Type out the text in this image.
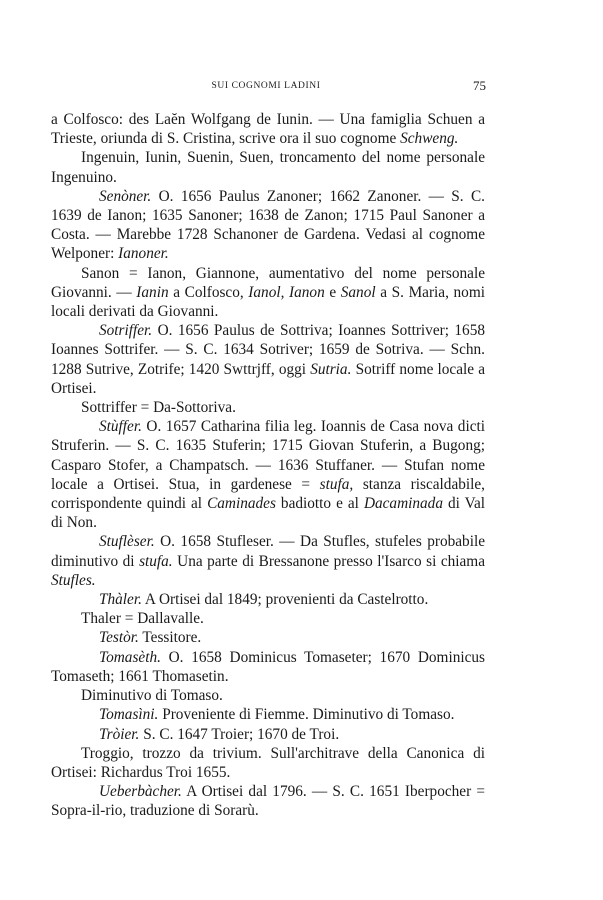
SUI COGNOMI LADINI	75

a Colfosco: des Laĕn Wolfgang de Iunin. — Una famiglia Schuen a Trieste, oriunda di S. Cristina, scrive ora il suo cognome Schweng.

Ingenuin, Iunin, Suenin, Suen, troncamento del nome personale Ingenuino.

Senòner. O. 1656 Paulus Zanoner; 1662 Zanoner. — S. C. 1639 de Ianon; 1635 Sanoner; 1638 de Zanon; 1715 Paul Sanoner a Costa. — Marebbe 1728 Schanoner de Gardena. Vedasi al cognome Welponer: Ianoner.

Sanon = Ianon, Giannone, aumentativo del nome personale Giovanni. — Ianin a Colfosco, Ianol, Ianon e Sanol a S. Maria, nomi locali derivati da Giovanni.

Sotriffer. O. 1656 Paulus de Sottriva; Ioannes Sottriver; 1658 Ioannes Sottrifer. — S. C. 1634 Sotriver; 1659 de Sotriva. — Schn. 1288 Sutrive, Zotrife; 1420 Swttrjff, oggi Sutria. Sotriff nome locale a Ortisei.

Sottriffer = Da-Sottoriva.

Stùffer. O. 1657 Catharina filia leg. Ioannis de Casa nova dicti Struferin. — S. C. 1635 Stuferin; 1715 Giovan Stuferin, a Bugong; Casparo Stofer, a Champatsch. — 1636 Stuffaner. — Stufan nome locale a Ortisei. Stua, in gardenese = stufa, stanza riscaldabile, corrispondente quindi al Caminades badiotto e al Dacaminada di Val di Non.

Stuflèser. O. 1658 Stufleser. — Da Stufles, stufeles probabile diminutivo di stufa. Una parte di Bressanone presso l'Isarco si chiama Stufles.

Thàler. A Ortisei dal 1849; provenienti da Castelrotto.

Thaler = Dallavalle.

Testòr. Tessitore.

Tomasèth. O. 1658 Dominicus Tomaseter; 1670 Dominicus Tomaseth; 1661 Thomasetin.

Diminutivo di Tomaso.

Tomasìni. Proveniente di Fiemme. Diminutivo di Tomaso.

Tròier. S. C. 1647 Troier; 1670 de Troi.

Troggio, trozzo da trivium. Sull'architrave della Canonica di Ortisei: Richardus Troi 1655.

Ueberbàcher. A Ortisei dal 1796. — S. C. 1651 Iberpocher = Sopra-il-rio, traduzione di Sorarù.
